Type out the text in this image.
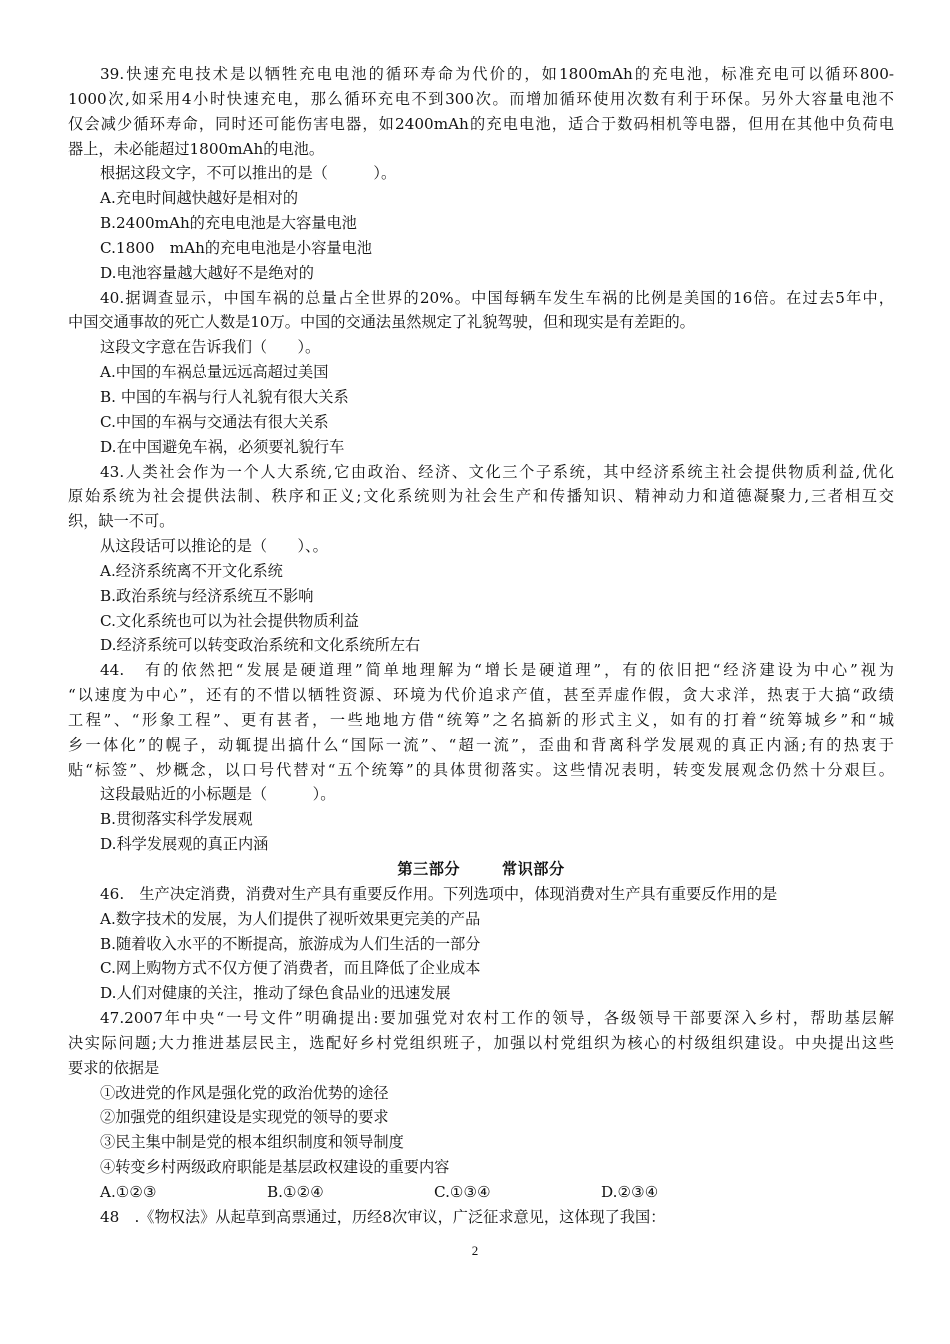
39.快速充电技术是以牺牲充电电池的循环寿命为代价的，如1800mAh的充电池，标准充电可以循环800-
1000次,如采用4小时快速充电，那么循环充电不到300次。而增加循环使用次数有利于环保。另外大容量电池不
仅会减少循环寿命，同时还可能伤害电器，如2400mAh的充电电池，适合于数码相机等电器，但用在其他中负荷电
器上，未必能超过1800mAh的电池。
根据这段文字，不可以推出的是（　　　）。
A.充电时间越快越好是相对的
B.2400mAh的充电电池是大容量电池
C.1800　mAh的充电电池是小容量电池
D.电池容量越大越好不是绝对的
40.据调查显示，中国车祸的总量占全世界的20%。中国每辆车发生车祸的比例是美国的16倍。在过去5年中，
中国交通事故的死亡人数是10万。中国的交通法虽然规定了礼貌驾驶，但和现实是有差距的。
这段文字意在告诉我们（　　）。
A.中国的车祸总量远远高超过美国
B. 中国的车祸与行人礼貌有很大关系
C.中国的车祸与交通法有很大关系
D.在中国避免车祸，必须要礼貌行车
43.人类社会作为一个人大系统,它由政治、经济、文化三个子系统，其中经济系统主社会提供物质利益,优化
原始系统为社会提供法制、秩序和正义;文化系统则为社会生产和传播知识、精神动力和道德凝聚力,三者相互交
织，缺一不可。
从这段话可以推论的是（　　）、。
A.经济系统离不开文化系统
B.政治系统与经济系统互不影响
C.文化系统也可以为社会提供物质利益
D.经济系统可以转变政治系统和文化系统所左右
44.　有的依然把“发展是硬道理”简单地理解为“增长是硬道理”，有的依旧把“经济建设为中心”视为
“以速度为中心”，还有的不惜以牺牲资源、环境为代价追求产值，甚至弄虚作假，贪大求洋，热衷于大搞“政绩
工程”、“形象工程”、更有甚者，一些地地方借“统筹”之名搞新的形式主义，如有的打着“统筹城乡”和“城
乡一体化”的幌子，动辄提出搞什么“国际一流”、“超一流”，歪曲和背离科学发展观的真正内涵;有的热衷于
贴“标签”、炒概念，以口号代替对“五个统筹”的具体贯彻落实。这些情况表明，转变发展观念仍然十分艰巨。
这段最贴近的小标题是（　　　）。
B.贯彻落实科学发展观
D.科学发展观的真正内涵
第三部分	常识部分
46.　生产决定消费，消费对生产具有重要反作用。下列选项中，体现消费对生产具有重要反作用的是
A.数字技术的发展，为人们提供了视听效果更完美的产品
B.随着收入水平的不断提高，旅游成为人们生活的一部分
C.网上购物方式不仅方便了消费者，而且降低了企业成本
D.人们对健康的关注，推动了绿色食品业的迅速发展
47.2007年中央“一号文件”明确提出:要加强党对农村工作的领导，各级领导干部要深入乡村，帮助基层解
决实际问题;大力推进基层民主，选配好乡村党组织班子，加强以村党组织为核心的村级组织建设。中央提出这些
要求的依据是
①改进党的作风是强化党的政治优势的途径
②加强党的组织建设是实现党的领导的要求
③民主集中制是党的根本组织制度和领导制度
④转变乡村两级政府职能是基层政权建设的重要内容
A.①②③	B.①②④	C.①③④	D.②③④
48　.《物权法》从起草到高票通过，历经8次审议，广泛征求意见，这体现了我国：
2
